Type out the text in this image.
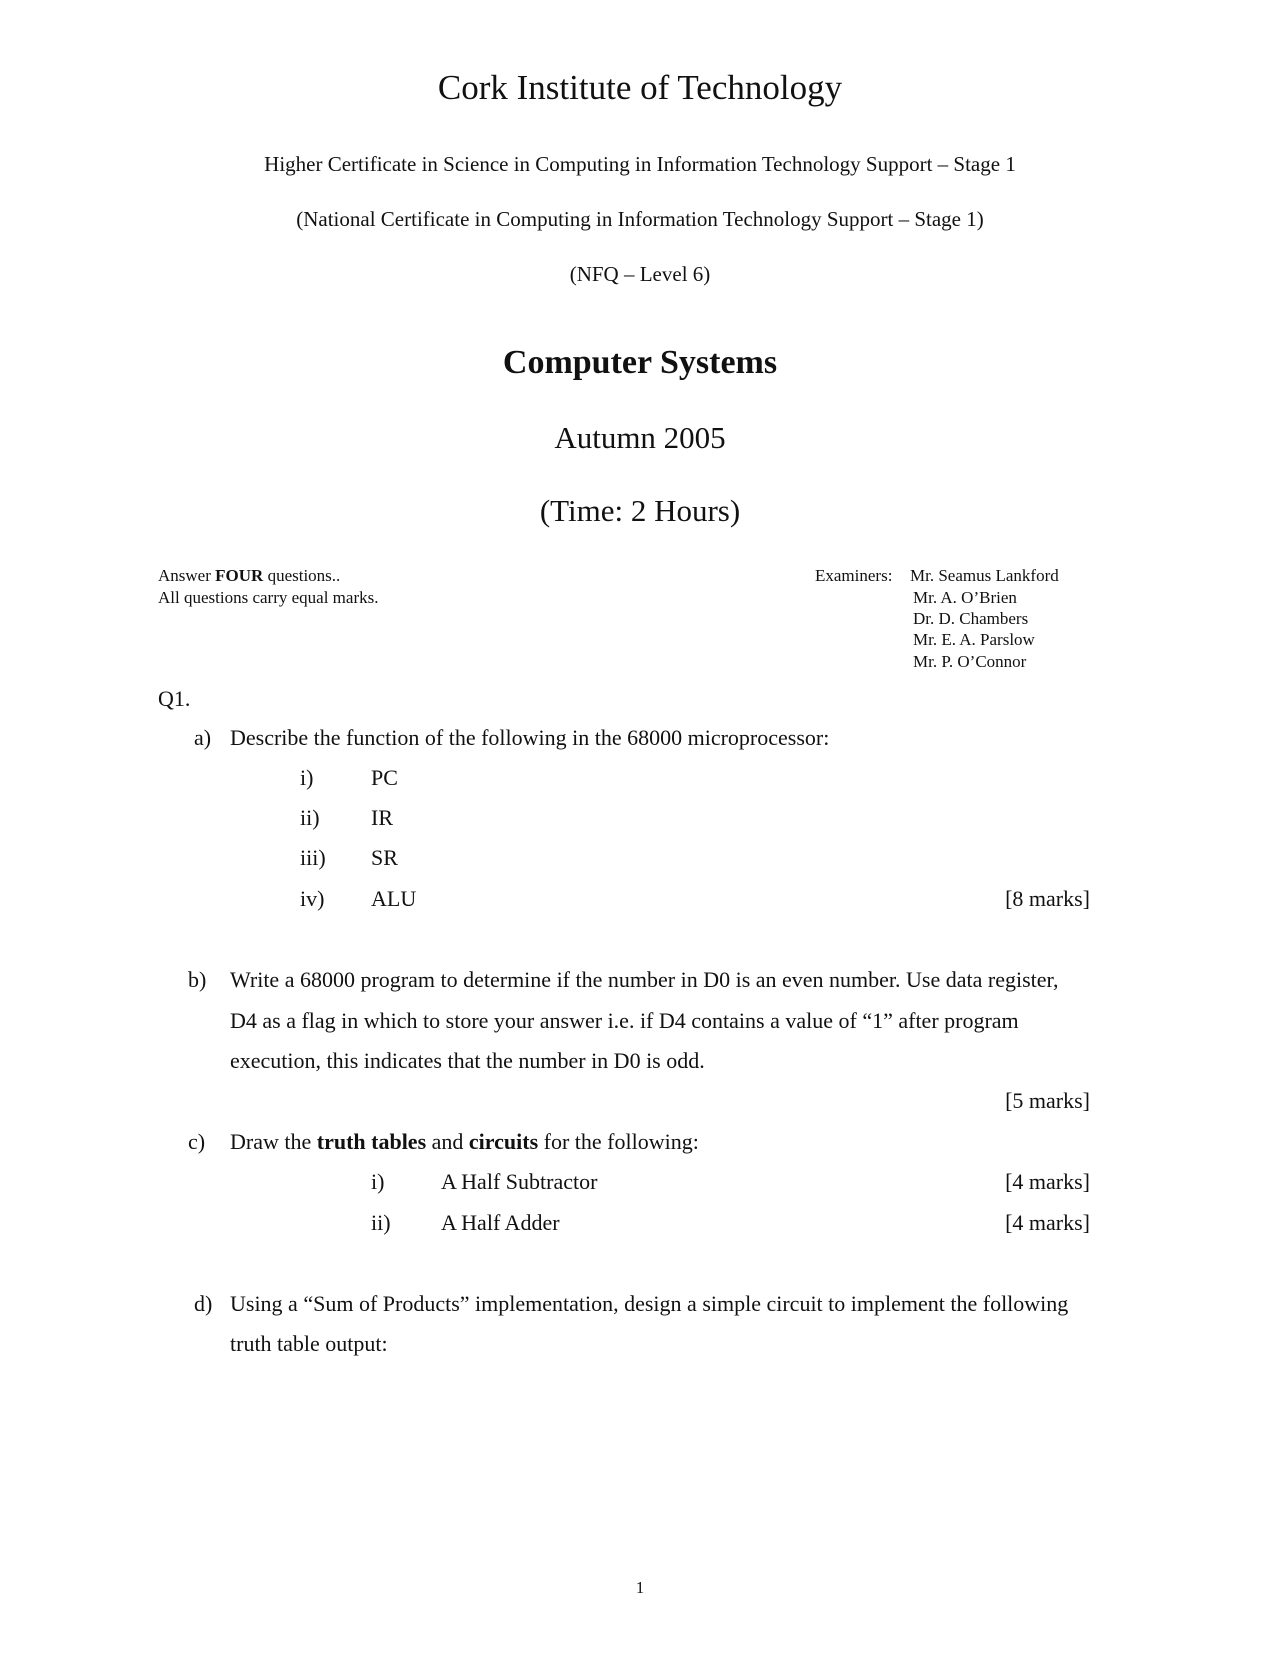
Cork Institute of Technology
Higher Certificate in Science in Computing in Information Technology Support – Stage 1
(National Certificate in Computing in Information Technology Support – Stage 1)
(NFQ – Level 6)
Computer Systems
Autumn 2005
(Time: 2 Hours)
Answer FOUR questions..
All questions carry equal marks.
Examiners: Mr. Seamus Lankford
Mr. A. O’Brien
Dr. D. Chambers
Mr. E. A. Parslow
Mr. P. O’Connor
Q1.
a) Describe the function of the following in the 68000 microprocessor:
i)	PC
ii) IR
iii) SR
iv) ALU	[8 marks]
b) Write a 68000 program to determine if the number in D0 is an even number. Use data register,
D4 as a flag in which to store your answer i.e. if D4 contains a value of “1” after program
execution, this indicates that the number in D0 is odd.
[5 marks]
c) Draw the truth tables and circuits for the following:
i)	A Half Subtractor	[4 marks]
ii) A Half Adder	[4 marks]
d) Using a “Sum of Products” implementation, design a simple circuit to implement the following
truth table output:
1
